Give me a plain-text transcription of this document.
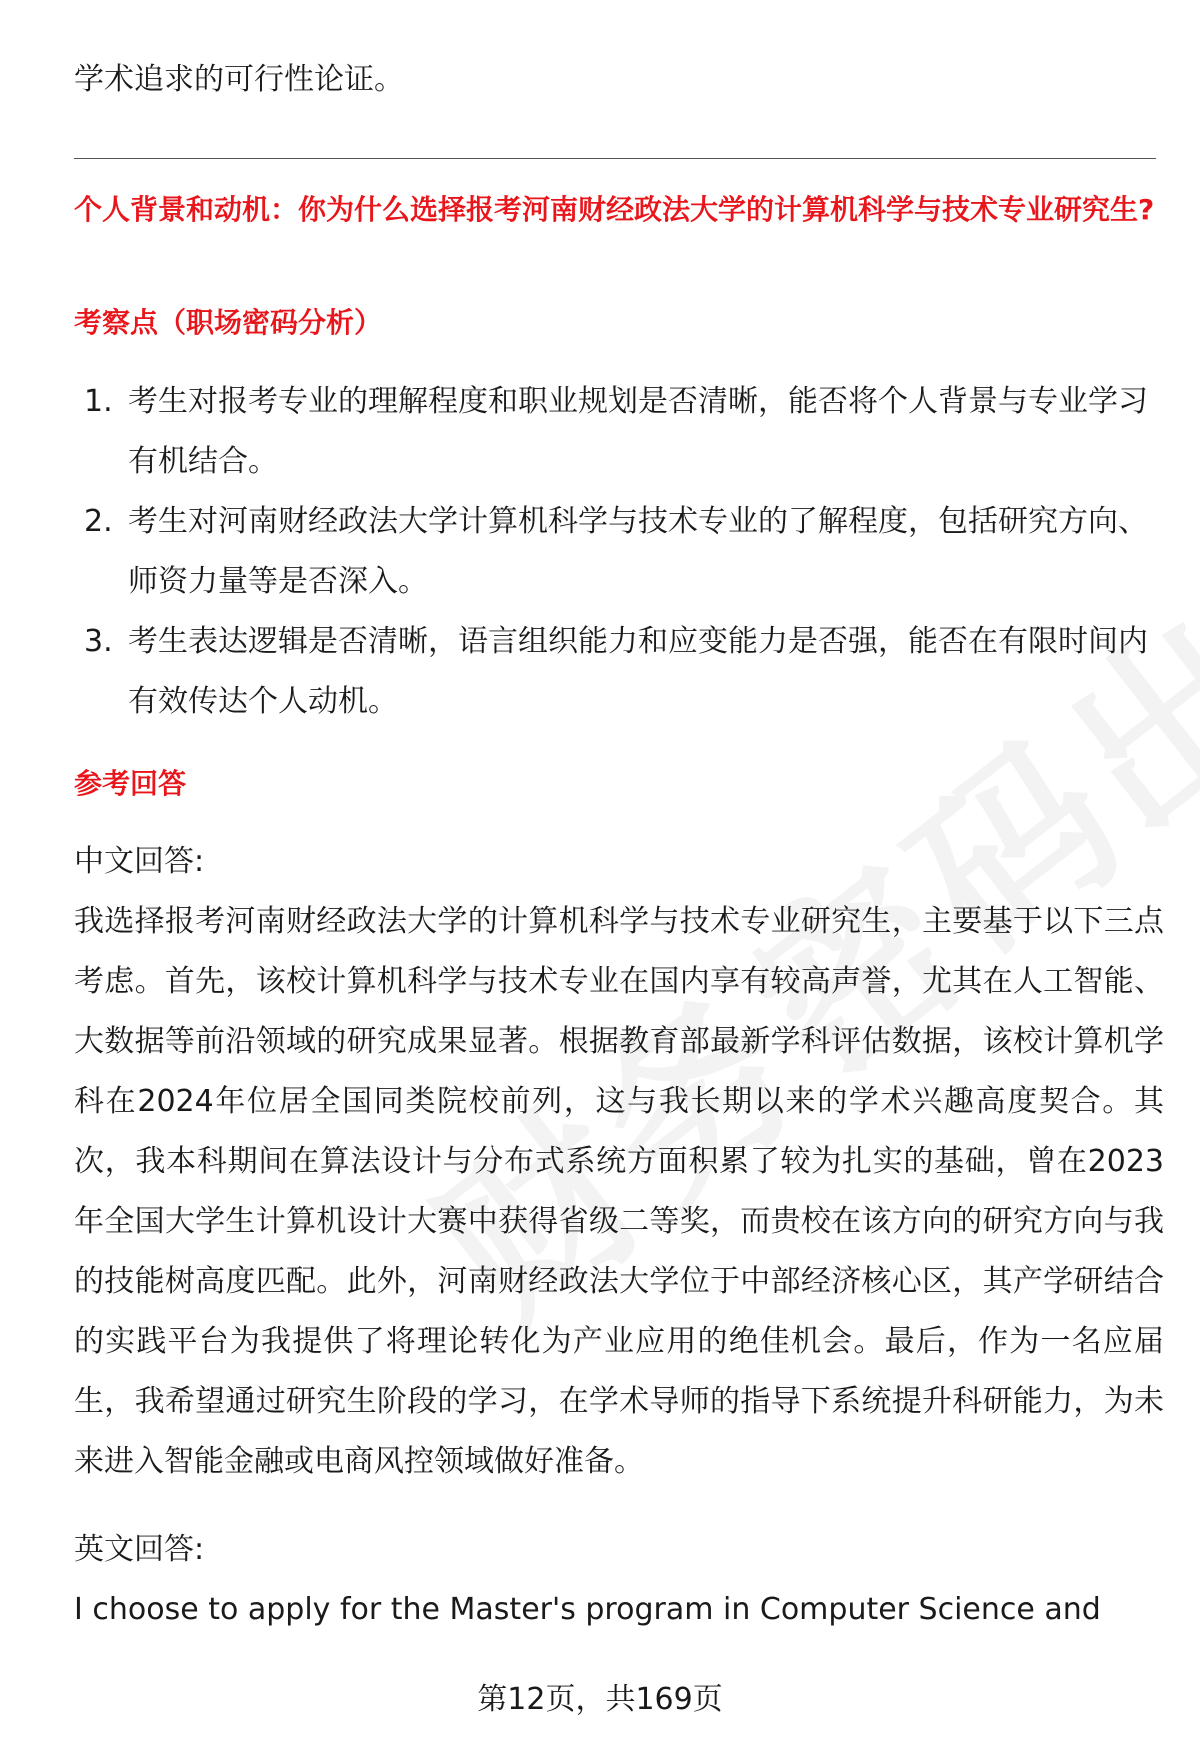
学术追求的可行性论证。

个人背景和动机：你为什么选择报考河南财经政法大学的计算机科学与技术专业研究生?
考察点（职场密码分析）
1. 考生对报考专业的理解程度和职业规划是否清晰，能否将个人背景与专业学习有机结合。
2. 考生对河南财经政法大学计算机科学与技术专业的了解程度，包括研究方向、师资力量等是否深入。
3. 考生表达逻辑是否清晰，语言组织能力和应变能力是否强，能否在有限时间内有效传达个人动机。
参考回答

中文回答:

我选择报考河南财经政法大学的计算机科学与技术专业研究生，主要基于以下三点考虑。首先，该校计算机科学与技术专业在国内享有较高声誉，尤其在人工智能、大数据等前沿领域的研究成果显著。根据教育部最新学科评估数据，该校计算机学科在2024年位居全国同类院校前列，这与我长期以来的学术兴趣高度契合。其次，我本科期间在算法设计与分布式系统方面积累了较为扎实的基础，曾在2023年全国大学生计算机设计大赛中获得省级二等奖，而贵校在该方向的研究方向与我的技能树高度匹配。此外，河南财经政法大学位于中部经济核心区，其产学研结合的实践平台为我提供了将理论转化为产业应用的绝佳机会。最后，作为一名应届生，我希望通过研究生阶段的学习，在学术导师的指导下系统提升科研能力，为未来进入智能金融或电商风控领域做好准备。

英文回答:

I choose to apply for the Master's program in Computer Science and

第12页，共169页
